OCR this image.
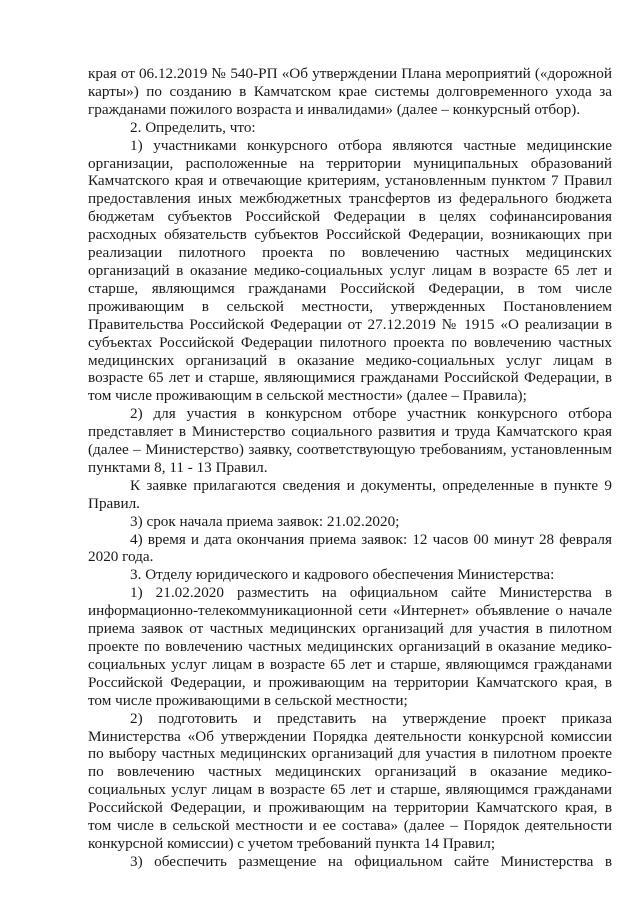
края от 06.12.2019 № 540-РП «Об утверждении Плана мероприятий («дорожной

карты») по созданию в Камчатском крае системы долговременного ухода за

гражданами пожилого возраста и инвалидами» (далее – конкурсный отбор).

2. Определить, что:

1) участниками конкурсного отбора являются частные медицинские

организации, расположенные на территории муниципальных образований

Камчатского края и отвечающие критериям, установленным пунктом 7 Правил

предоставления иных межбюджетных трансфертов из федерального бюджета

бюджетам субъектов Российской Федерации в целях софинансирования

расходных обязательств субъектов Российской Федерации, возникающих при

реализации пилотного проекта по вовлечению частных медицинских

организаций в оказание медико-социальных услуг лицам в возрасте 65 лет и

старше, являющимся гражданами Российской Федерации, в том числе

проживающим в сельской местности, утвержденных Постановлением

Правительства Российской Федерации от 27.12.2019 № 1915 «О реализации в

субъектах Российской Федерации пилотного проекта по вовлечению частных

медицинских организаций в оказание медико-социальных услуг лицам в

возрасте 65 лет и старше, являющимися гражданами Российской Федерации, в

том числе проживающим в сельской местности» (далее – Правила);

2) для участия в конкурсном отборе участник конкурсного отбора

представляет в Министерство социального развития и труда Камчатского края

(далее – Министерство) заявку, соответствующую требованиям, установленным

пунктами 8, 11 - 13 Правил.

К заявке прилагаются сведения и документы, определенные в пункте 9

Правил.

3) срок начала приема заявок: 21.02.2020;

4) время и дата окончания приема заявок: 12 часов 00 минут 28 февраля

2020 года.

3. Отделу юридического и кадрового обеспечения Министерства:

1) 21.02.2020 разместить на официальном сайте Министерства в

информационно-телекоммуникационной сети «Интернет» объявление о начале

приема заявок от частных медицинских организаций для участия в пилотном

проекте по вовлечению частных медицинских организаций в оказание медико-

социальных услуг лицам в возрасте 65 лет и старше, являющимся гражданами

Российской Федерации, и проживающим на территории Камчатского края, в

том числе проживающими в сельской местности;

2) подготовить и представить на утверждение проект приказа

Министерства «Об утверждении Порядка деятельности конкурсной комиссии

по выбору частных медицинских организаций для участия в пилотном проекте

по вовлечению частных медицинских организаций в оказание медико-

социальных услуг лицам в возрасте 65 лет и старше, являющимся гражданами

Российской Федерации, и проживающим на территории Камчатского края, в

том числе в сельской местности и ее состава» (далее – Порядок деятельности

конкурсной комиссии) с учетом требований пункта 14 Правил;

3) обеспечить размещение на официальном сайте Министерства в
